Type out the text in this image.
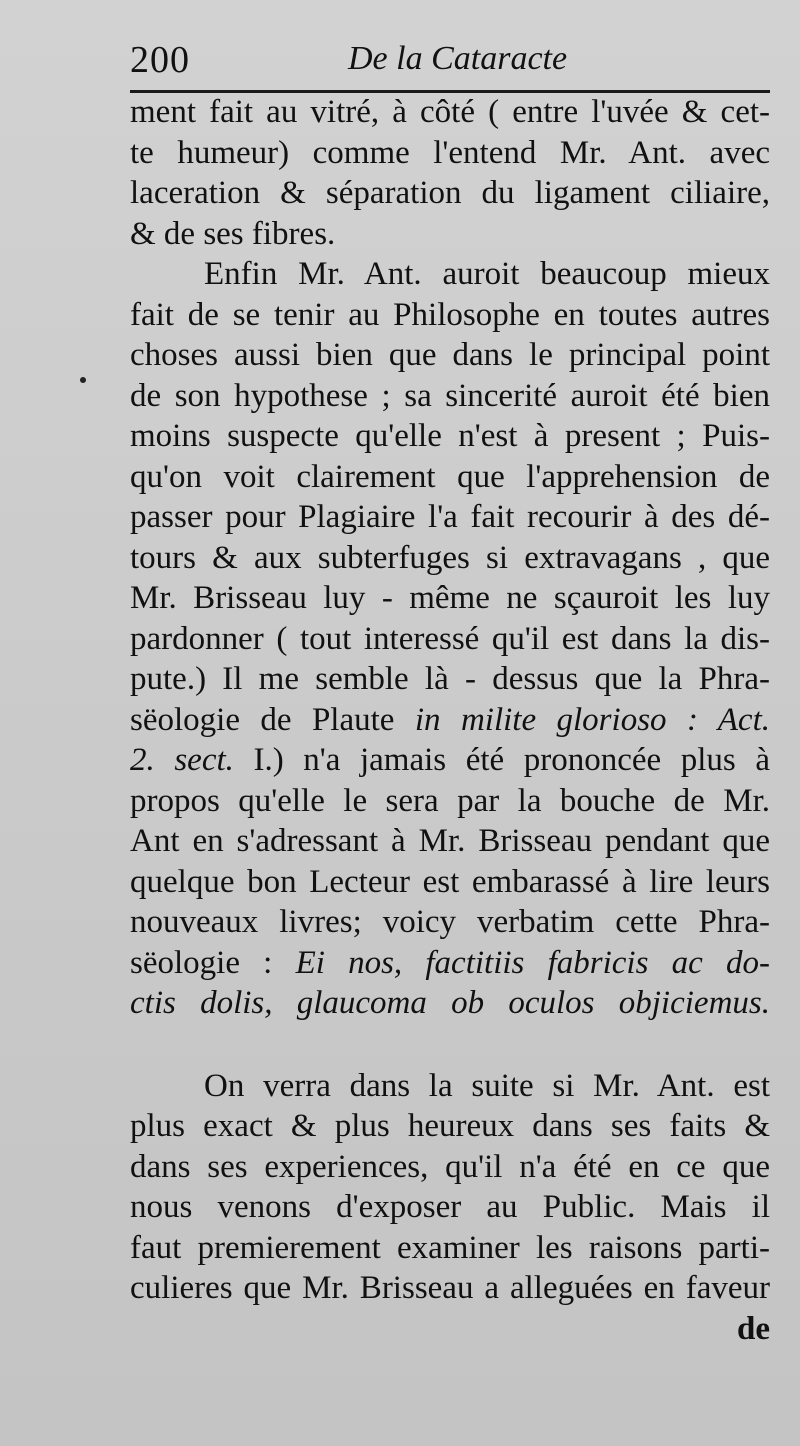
200	De la Cataracte
ment fait au vitré, à côté ( entre l'uvée & cet-
te humeur) comme l'entend Mr. Ant. avec
laceration & séparation du ligament ciliaire,
& de ses fibres.
Enfin Mr. Ant. auroit beaucoup mieux
fait de se tenir au Philosophe en toutes autres
choses aussi bien que dans le principal point
de son hypothese ; sa sincerité auroit été bien
moins suspecte qu'elle n'est à present ; Puis-
qu'on voit clairement que l'apprehension de
passer pour Plagiaire l'a fait recourir à des dé-
tours & aux subterfuges si extravagans , que
Mr. Brisseau luy - même ne sçauroit les luy
pardonner ( tout interessé qu'il est dans la dis-
pute.) Il me semble là - dessus que la Phra-
sëologie de Plaute in milite glorioso : Act.
2. sect. I.) n'a jamais été prononcée plus à
propos qu'elle le sera par la bouche de Mr.
Ant en s'adressant à Mr. Brisseau pendant que
quelque bon Lecteur est embarassé à lire leurs
nouveaux livres; voicy verbatim cette Phra-
sëologie : Ei nos, factitiis fabricis ac do-
ctis dolis, glaucoma ob oculos objiciemus.
On verra dans la suite si Mr. Ant. est
plus exact & plus heureux dans ses faits &
dans ses experiences, qu'il n'a été en ce que
nous venons d'exposer au Public. Mais il
faut premierement examiner les raisons parti-
culieres que Mr. Brisseau a alleguées en faveur
de
